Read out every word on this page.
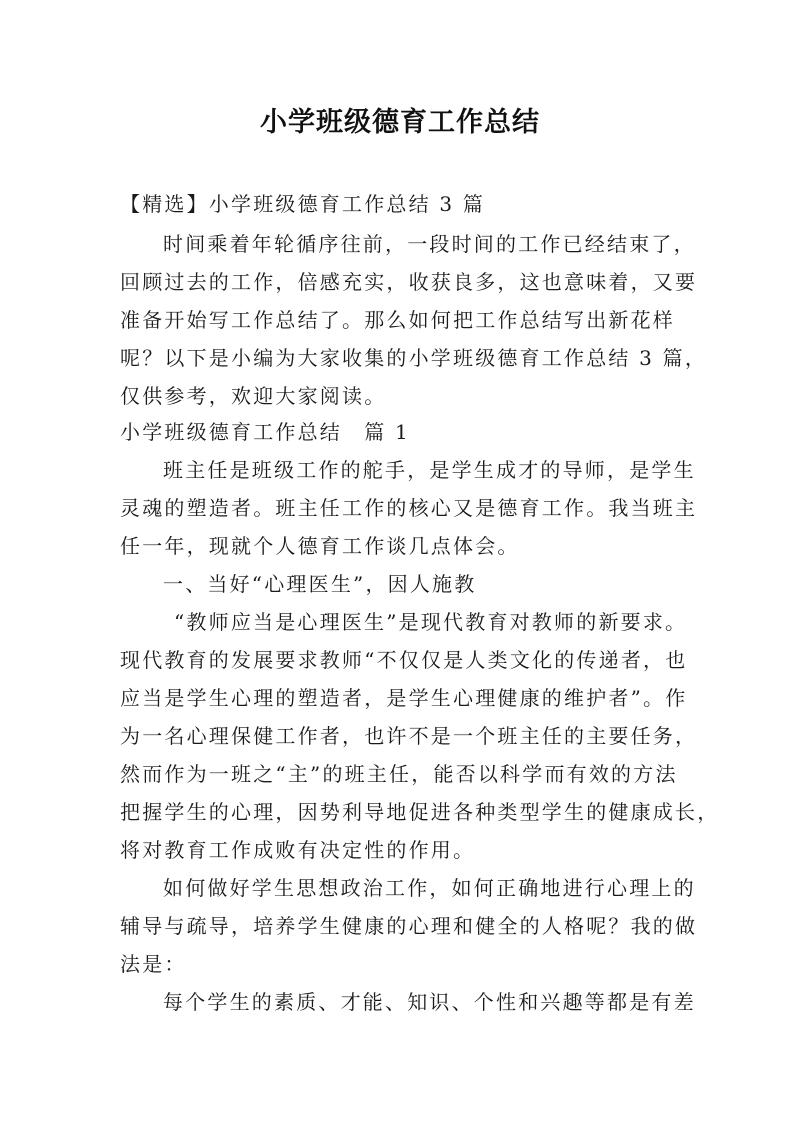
小学班级德育工作总结
【精选】小学班级德育工作总结 3 篇
时间乘着年轮循序往前，一段时间的工作已经结束了，
回顾过去的工作，倍感充实，收获良多，这也意味着，又要
准备开始写工作总结了。那么如何把工作总结写出新花样
呢？以下是小编为大家收集的小学班级德育工作总结 3 篇，
仅供参考，欢迎大家阅读。
小学班级德育工作总结　篇 1
班主任是班级工作的舵手，是学生成才的导师，是学生
灵魂的塑造者。班主任工作的核心又是德育工作。我当班主
任一年，现就个人德育工作谈几点体会。
一、当好“心理医生”，因人施教
“教师应当是心理医生”是现代教育对教师的新要求。
现代教育的发展要求教师“不仅仅是人类文化的传递者，也
应当是学生心理的塑造者，是学生心理健康的维护者”。作
为一名心理保健工作者，也许不是一个班主任的主要任务，
然而作为一班之“主”的班主任，能否以科学而有效的方法
把握学生的心理，因势利导地促进各种类型学生的健康成长，
将对教育工作成败有决定性的作用。
如何做好学生思想政治工作，如何正确地进行心理上的
辅导与疏导，培养学生健康的心理和健全的人格呢？我的做
法是：
每个学生的素质、才能、知识、个性和兴趣等都是有差
